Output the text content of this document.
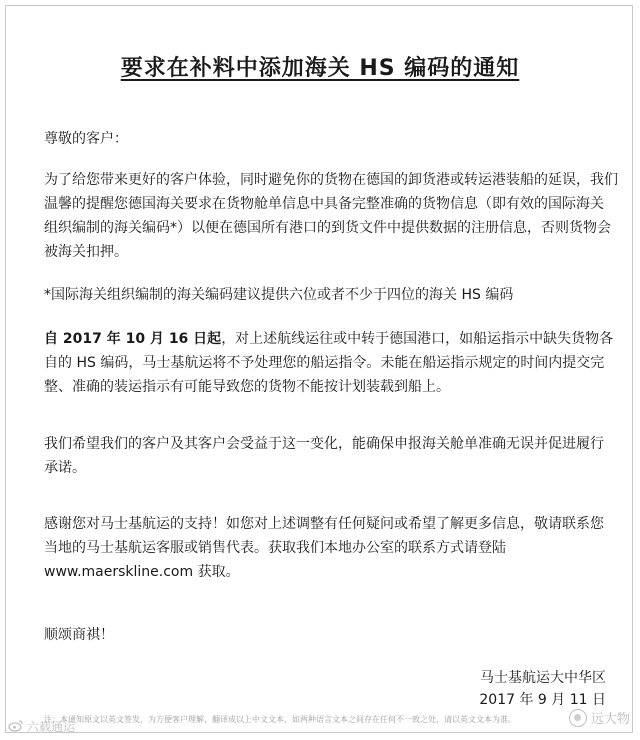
要求在补料中添加海关 HS 编码的通知

尊敬的客户：

为了给您带来更好的客户体验，同时避免你的货物在德国的卸货港或转运港装船的延误，我们
温馨的提醒您德国海关要求在货物舱单信息中具备完整准确的货物信息（即有效的国际海关
组织编制的海关编码*）以便在德国所有港口的到货文件中提供数据的注册信息，否则货物会
被海关扣押。

*国际海关组织编制的海关编码建议提供六位或者不少于四位的海关 HS 编码

自 2017 年 10 月 16 日起，对上述航线运往或中转于德国港口，如船运指示中缺失货物各
自的 HS 编码，马士基航运将不予处理您的船运指令。未能在船运指示规定的时间内提交完
整、准确的装运指示有可能导致您的货物不能按计划装载到船上。

我们希望我们的客户及其客户会受益于这一变化，能确保申报海关舱单准确无误并促进履行
承诺。

感谢您对马士基航运的支持！如您对上述调整有任何疑问或希望了解更多信息，敬请联系您
当地的马士基航运客服或销售代表。获取我们本地办公室的联系方式请登陆
www.maerskline.com 获取。

顺颂商祺！

马士基航运大中华区

2017 年 9 月 11 日

注：本通知原文以英文签发，为方便客户理解，翻译成以上中文文本，如两种语言文本之间存在任何不一致之处，请以英文文本为准。

六载通运	远大物
